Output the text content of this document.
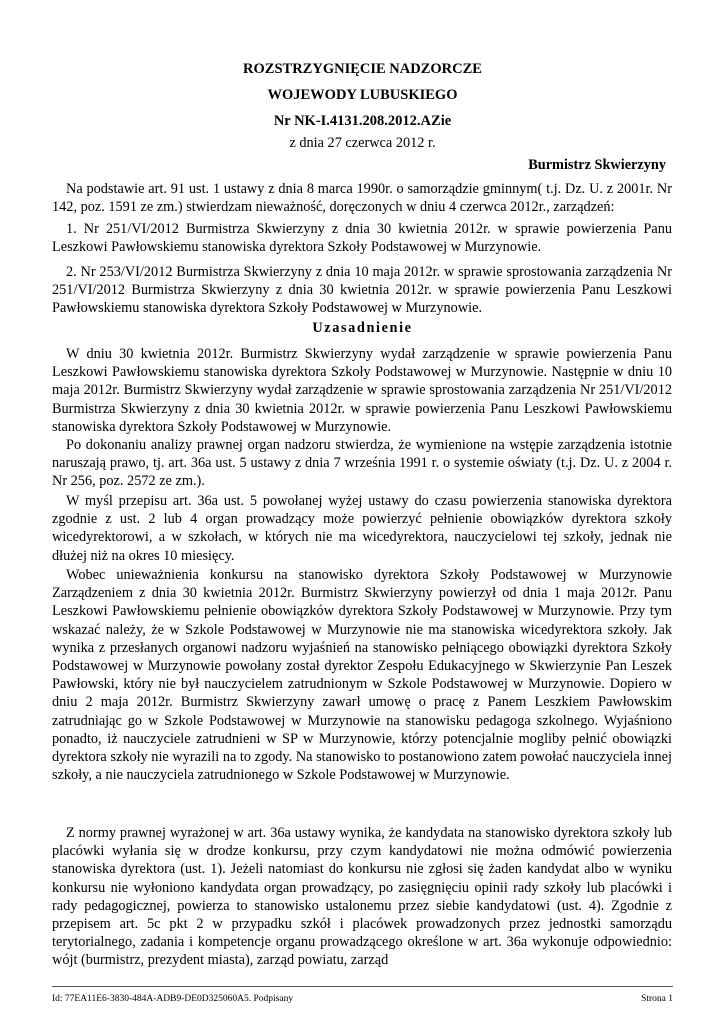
ROZSTRZYGNIĘCIE NADZORCZE
WOJEWODY LUBUSKIEGO
Nr NK-I.4131.208.2012.AZie
z dnia 27 czerwca 2012 r.
Burmistrz Skwierzyny

Na podstawie art. 91 ust. 1 ustawy z dnia 8 marca 1990r. o samorządzie gminnym( t.j. Dz. U. z 2001r. Nr 142, poz. 1591 ze zm.) stwierdzam nieważność, doręczonych w dniu 4 czerwca 2012r., zarządzeń:

1. Nr 251/VI/2012 Burmistrza Skwierzyny z dnia 30 kwietnia 2012r. w sprawie powierzenia Panu Leszkowi Pawłowskiemu stanowiska dyrektora Szkoły Podstawowej w Murzynowie.

2. Nr 253/VI/2012 Burmistrza Skwierzyny z dnia 10 maja 2012r. w sprawie sprostowania zarządzenia Nr 251/VI/2012 Burmistrza Skwierzyny z dnia 30 kwietnia 2012r. w sprawie powierzenia Panu Leszkowi Pawłowskiemu stanowiska dyrektora Szkoły Podstawowej w Murzynowie.

Uzasadnienie

W dniu 30 kwietnia 2012r. Burmistrz Skwierzyny wydał zarządzenie w sprawie powierzenia Panu Leszkowi Pawłowskiemu stanowiska dyrektora Szkoły Podstawowej w Murzynowie. Następnie w dniu 10 maja 2012r. Burmistrz Skwierzyny wydał zarządzenie w sprawie sprostowania zarządzenia Nr 251/VI/2012 Burmistrza Skwierzyny z dnia 30 kwietnia 2012r. w sprawie powierzenia Panu Leszkowi Pawłowskiemu stanowiska dyrektora Szkoły Podstawowej w Murzynowie.

Po dokonaniu analizy prawnej organ nadzoru stwierdza, że wymienione na wstępie zarządzenia istotnie naruszają prawo, tj. art. 36a ust. 5 ustawy z dnia 7 września 1991 r. o systemie oświaty (t.j. Dz. U. z 2004 r. Nr 256, poz. 2572 ze zm.).

W myśl przepisu art. 36a ust. 5 powołanej wyżej ustawy do czasu powierzenia stanowiska dyrektora zgodnie z ust. 2 lub 4 organ prowadzący może powierzyć pełnienie obowiązków dyrektora szkoły wicedyrektorowi, a w szkołach, w których nie ma wicedyrektora, nauczycielowi tej szkoły, jednak nie dłużej niż na okres 10 miesięcy.

Wobec unieważnienia konkursu na stanowisko dyrektora Szkoły Podstawowej w Murzynowie Zarządzeniem z dnia 30 kwietnia 2012r. Burmistrz Skwierzyny powierzył od dnia 1 maja 2012r. Panu Leszkowi Pawłowskiemu pełnienie obowiązków dyrektora Szkoły Podstawowej w Murzynowie. Przy tym wskazać należy, że w Szkole Podstawowej w Murzynowie nie ma stanowiska wicedyrektora szkoły. Jak wynika z przesłanych organowi nadzoru wyjaśnień na stanowisko pełniącego obowiązki dyrektora Szkoły Podstawowej w Murzynowie powołany został dyrektor Zespołu Edukacyjnego w Skwierzynie Pan Leszek Pawłowski, który nie był nauczycielem zatrudnionym w Szkole Podstawowej w Murzynowie. Dopiero w dniu 2 maja 2012r. Burmistrz Skwierzyny zawarł umowę o pracę z Panem Leszkiem Pawłowskim zatrudniając go w Szkole Podstawowej w Murzynowie na stanowisku pedagoga szkolnego. Wyjaśniono ponadto, iż nauczyciele zatrudnieni w SP w Murzynowie, którzy potencjalnie mogliby pełnić obowiązki dyrektora szkoły nie wyrazili na to zgody. Na stanowisko to postanowiono zatem powołać nauczyciela innej szkoły, a nie nauczyciela zatrudnionego w Szkole Podstawowej w Murzynowie.

Z normy prawnej wyrażonej w art. 36a ustawy wynika, że kandydata na stanowisko dyrektora szkoły lub placówki wyłania się w drodze konkursu, przy czym kandydatowi nie można odmówić powierzenia stanowiska dyrektora (ust. 1). Jeżeli natomiast do konkursu nie zgłosi się żaden kandydat albo w wyniku konkursu nie wyłoniono kandydata organ prowadzący, po zasięgnięciu opinii rady szkoły lub placówki i rady pedagogicznej, powierza to stanowisko ustalonemu przez siebie kandydatowi (ust. 4). Zgodnie z przepisem art. 5c pkt 2 w przypadku szkół i placówek prowadzonych przez jednostki samorządu terytorialnego, zadania i kompetencje organu prowadzącego określone w art. 36a wykonuje odpowiednio: wójt (burmistrz, prezydent miasta), zarząd powiatu, zarząd

Id: 77EA11E6-3830-484A-ADB9-DE0D325060A5. Podpisany	Strona 1
